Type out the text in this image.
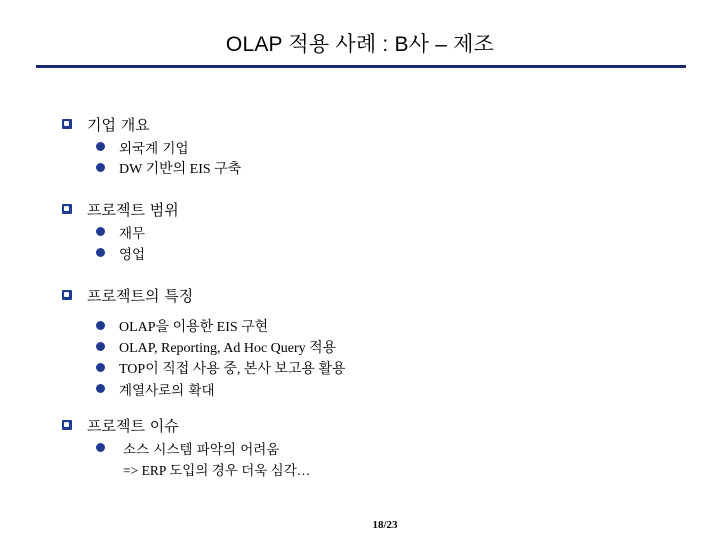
OLAP 적용 사례 : B사 – 제조
기업 개요
외국계 기업
DW 기반의 EIS 구축
프로젝트 범위
재무
영업
프로젝트의 특징
OLAP을 이용한 EIS 구현
OLAP, Reporting, Ad Hoc Query 적용
TOP이 직접 사용 중, 본사 보고용 활용
계열사로의 확대
프로젝트 이슈
소스 시스템 파악의 어려움
=> ERP 도입의 경우 더욱 심각…
18/23
